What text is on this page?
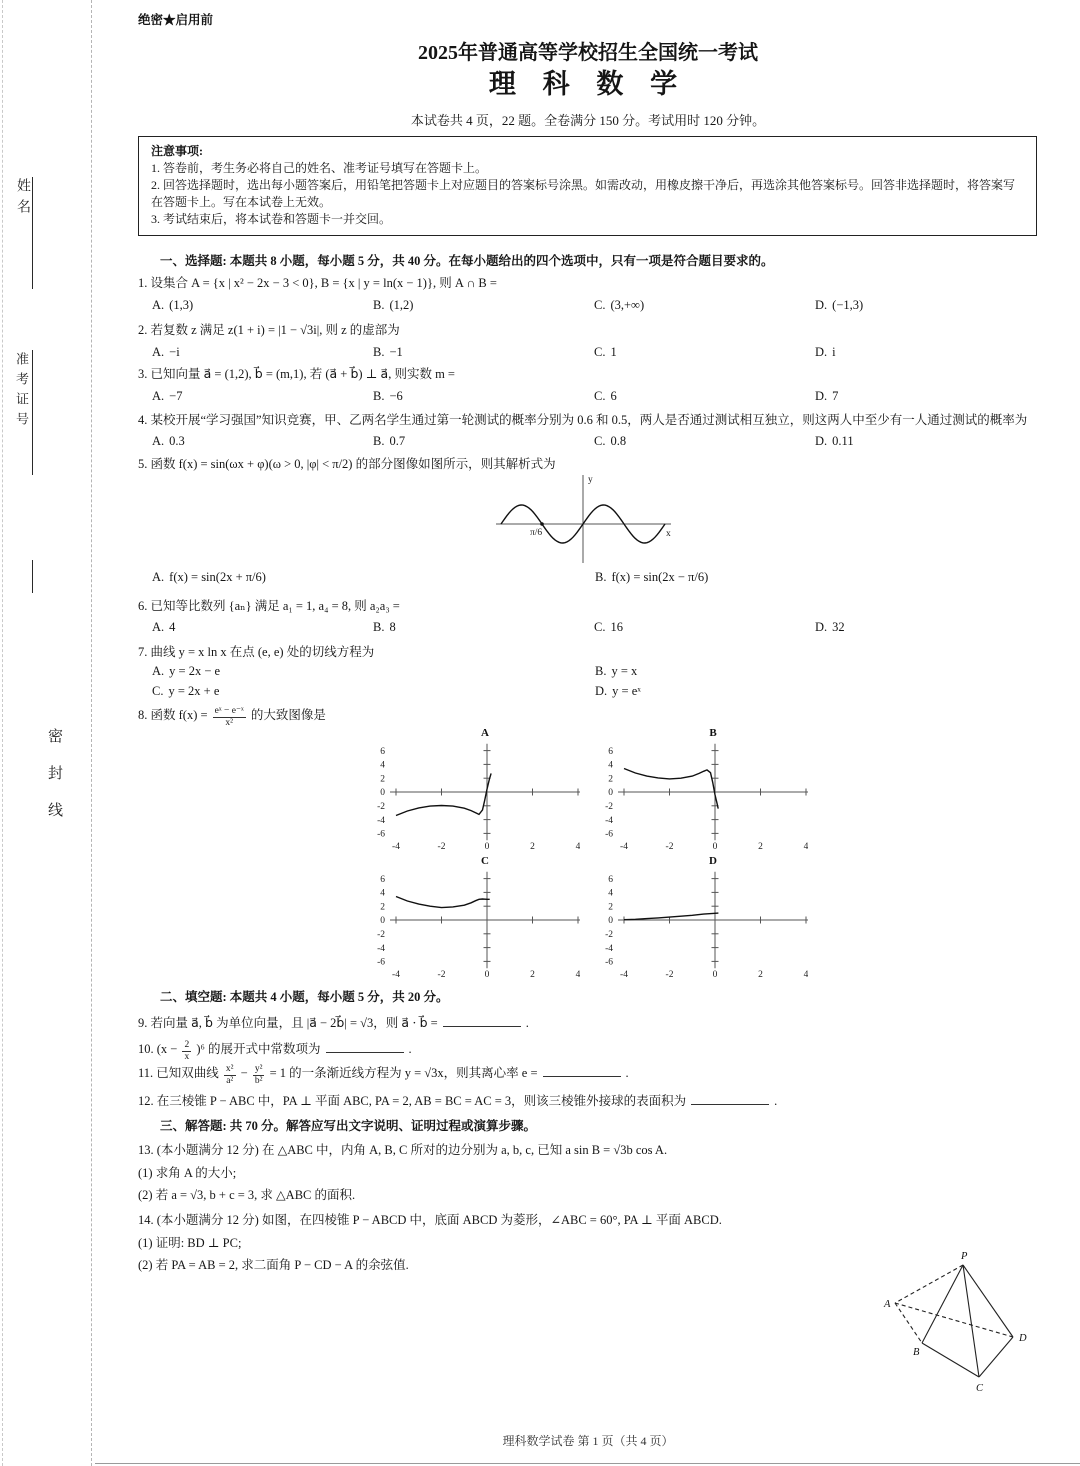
姓名
准考证号
密封线
绝密★启用前
2025年普通高等学校招生全国统一考试
理 科 数 学
本试卷共 4 页，22 题。全卷满分 150 分。考试用时 120 分钟。
注意事项:
1. 答卷前，考生务必将自己的姓名、准考证号填写在答题卡上。
2. 回答选择题时，选出每小题答案后，用铅笔把答题卡上对应题目的答案标号涂黑。如需改动，用橡皮擦干净后，再选涂其他答案标号。回答非选择题时，将答案写在答题卡上。写在本试卷上无效。
3. 考试结束后，将本试卷和答题卡一并交回。
一、选择题: 本题共 8 小题，每小题 5 分，共 40 分。在每小题给出的四个选项中，只有一项是符合题目要求的。
1. 设集合 A = {x | x² − 2x − 3 < 0}, B = {x | y = ln(x − 1)}, 则 A ∩ B =
A. (1,3)	B. (1,2)	C. (3,+∞)	D. (−1,3)
2. 若复数 z 满足 z(1 + i) = |1 − √3i|, 则 z 的虚部为
A. −i	B. −1	C. 1	D. i
3. 已知向量 a⃗ = (1,2), b⃗ = (m,1), 若 (a⃗ + b⃗) ⊥ a⃗, 则实数 m =
A. −7	B. −6	C. 6	D. 7
4. 某校开展“学习强国”知识竞赛，甲、乙两名学生通过第一轮测试的概率分别为 0.6 和 0.5，两人是否通过测试相互独立，则这两人中至少有一人通过测试的概率为
A. 0.3	B. 0.7	C. 0.8	D. 0.11
5. 函数 f(x) = sin(ωx + φ)(ω > 0, |φ| < π/2) 的部分图像如图所示，则其解析式为
y
x
π/6
A. f(x) = sin(2x + π/6)	B. f(x) = sin(2x − π/6)
6. 已知等比数列 {aₙ} 满足 a₁ = 1, a₄ = 8, 则 a₂a₃ =
A. 4	B. 8	C. 16	D. 32
7. 曲线 y = x ln x 在点 (e, e) 处的切线方程为
A. y = 2x − e	B. y = x
C. y = 2x + e	D. y = eˣ
8. 函数 $f(x) = \frac{\text{eˣ − e⁻ˣ}}{\text{x²}}$ 的大致图像是
A
6
4
2
0
-2
-4
-6
-4	-2	0	2	4
B
6
4
2
0
-2
-4
-6
-4	-2	0	2	4
C
6
4
2
0
-2
-4
-6
-4	-2	0	2	4
D
6
4
2
0
-2
-4
-6
-4	-2	0	2	4
二、填空题: 本题共 4 小题，每小题 5 分，共 20 分。
9. 若向量 a⃗, b⃗ 为单位向量，且 |a⃗ − 2b⃗| = √3，则 a⃗ ⋅ b⃗ =	.
10. $(x - \frac{2}{x} )^6$ 的展开式中常数项为	.
11. 已知双曲线 $\frac{\text{x²}}{\text{a²}} - \frac{\text{y²}}{\text{b²}} = 1$ 的一条渐近线方程为 y = √3x，则其离心率 e =	.
12. 在三棱锥 P − ABC 中，PA ⊥ 平面 ABC, PA = 2, AB = BC = AC = 3，则该三棱锥外接球的表面积为	.
三、解答题: 共 70 分。解答应写出文字说明、证明过程或演算步骤。
13. (本小题满分 12 分) 在 △ABC 中，内角 A, B, C 所对的边分别为 a, b, c, 已知 a sin B = √3b cos A.
(1) 求角 A 的大小;
(2) 若 a = √3, b + c = 3, 求 △ABC 的面积.
14. (本小题满分 12 分) 如图，在四棱锥 P − ABCD 中，底面 ABCD 为菱形，∠ABC = 60°, PA ⊥ 平面 ABCD.
(1) 证明: BD ⊥ PC;
(2) 若 PA = AB = 2, 求二面角 P − CD − A 的余弦值.
P
A
B
C
D
理科数学试卷 第 1 页（共 4 页）
